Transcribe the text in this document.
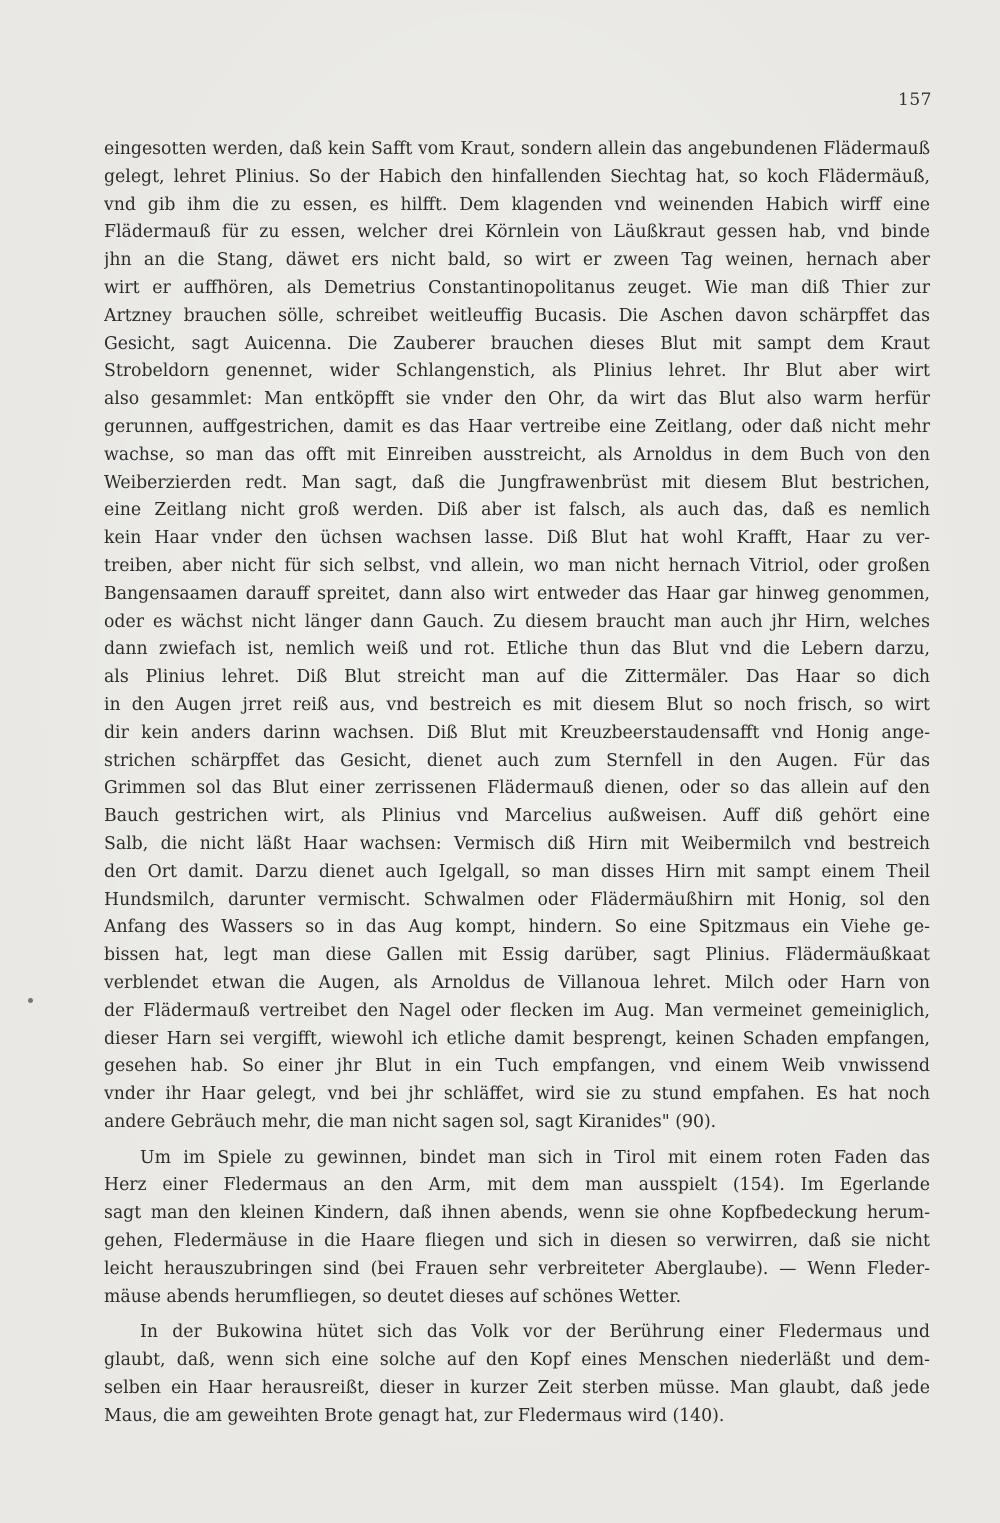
157
eingesotten werden, daß kein Safft vom Kraut, sondern allein das angebundenen Flädermauß
gelegt, lehret Plinius. So der Habich den hinfallenden Siechtag hat, so koch Flädermäuß,
vnd gib ihm die zu essen, es hilfft. Dem klagenden vnd weinenden Habich wirff eine
Flädermauß für zu essen, welcher drei Körnlein von Läußkraut gessen hab, vnd binde
jhn an die Stang, däwet ers nicht bald, so wirt er zween Tag weinen, hernach aber
wirt er auffhören, als Demetrius Constantinopolitanus zeuget. Wie man diß Thier zur
Artzney brauchen sölle, schreibet weitleuffig Bucasis. Die Aschen davon schärpffet das
Gesicht, sagt Auicenna. Die Zauberer brauchen dieses Blut mit sampt dem Kraut
Strobeldorn genennet, wider Schlangenstich, als Plinius lehret. Ihr Blut aber wirt
also gesammlet: Man entköpfft sie vnder den Ohr, da wirt das Blut also warm herfür
gerunnen, auffgestrichen, damit es das Haar vertreibe eine Zeitlang, oder daß nicht mehr
wachse, so man das offt mit Einreiben ausstreicht, als Arnoldus in dem Buch von den
Weiberzierden redt. Man sagt, daß die Jungfrawenbrüst mit diesem Blut bestrichen,
eine Zeitlang nicht groß werden. Diß aber ist falsch, als auch das, daß es nemlich
kein Haar vnder den üchsen wachsen lasse. Diß Blut hat wohl Krafft, Haar zu ver-
treiben, aber nicht für sich selbst, vnd allein, wo man nicht hernach Vitriol, oder großen
Bangensaamen darauff spreitet, dann also wirt entweder das Haar gar hinweg genommen,
oder es wächst nicht länger dann Gauch. Zu diesem braucht man auch jhr Hirn, welches
dann zwiefach ist, nemlich weiß und rot. Etliche thun das Blut vnd die Lebern darzu,
als Plinius lehret. Diß Blut streicht man auf die Zittermäler. Das Haar so dich
in den Augen jrret reiß aus, vnd bestreich es mit diesem Blut so noch frisch, so wirt
dir kein anders darinn wachsen. Diß Blut mit Kreuzbeerstaudensafft vnd Honig ange-
strichen schärpffet das Gesicht, dienet auch zum Sternfell in den Augen. Für das
Grimmen sol das Blut einer zerrissenen Flädermauß dienen, oder so das allein auf den
Bauch gestrichen wirt, als Plinius vnd Marcelius außweisen. Auff diß gehört eine
Salb, die nicht läßt Haar wachsen: Vermisch diß Hirn mit Weibermilch vnd bestreich
den Ort damit. Darzu dienet auch Igelgall, so man disses Hirn mit sampt einem Theil
Hundsmilch, darunter vermischt. Schwalmen oder Flädermäußhirn mit Honig, sol den
Anfang des Wassers so in das Aug kompt, hindern. So eine Spitzmaus ein Viehe ge-
bissen hat, legt man diese Gallen mit Essig darüber, sagt Plinius. Flädermäußkaat
verblendet etwan die Augen, als Arnoldus de Villanoua lehret. Milch oder Harn von
der Flädermauß vertreibet den Nagel oder flecken im Aug. Man vermeinet gemeiniglich,
dieser Harn sei vergifft, wiewohl ich etliche damit besprengt, keinen Schaden empfangen,
gesehen hab. So einer jhr Blut in ein Tuch empfangen, vnd einem Weib vnwissend
vnder ihr Haar gelegt, vnd bei jhr schläffet, wird sie zu stund empfahen. Es hat noch
andere Gebräuch mehr, die man nicht sagen sol, sagt Kiranides" (90).
Um im Spiele zu gewinnen, bindet man sich in Tirol mit einem roten Faden das
Herz einer Fledermaus an den Arm, mit dem man ausspielt (154). Im Egerlande
sagt man den kleinen Kindern, daß ihnen abends, wenn sie ohne Kopfbedeckung herum-
gehen, Fledermäuse in die Haare fliegen und sich in diesen so verwirren, daß sie nicht
leicht herauszubringen sind (bei Frauen sehr verbreiteter Aberglaube). — Wenn Fleder-
mäuse abends herumfliegen, so deutet dieses auf schönes Wetter.
In der Bukowina hütet sich das Volk vor der Berührung einer Fledermaus und
glaubt, daß, wenn sich eine solche auf den Kopf eines Menschen niederläßt und dem-
selben ein Haar herausreißt, dieser in kurzer Zeit sterben müsse. Man glaubt, daß jede
Maus, die am geweihten Brote genagt hat, zur Fledermaus wird (140).
